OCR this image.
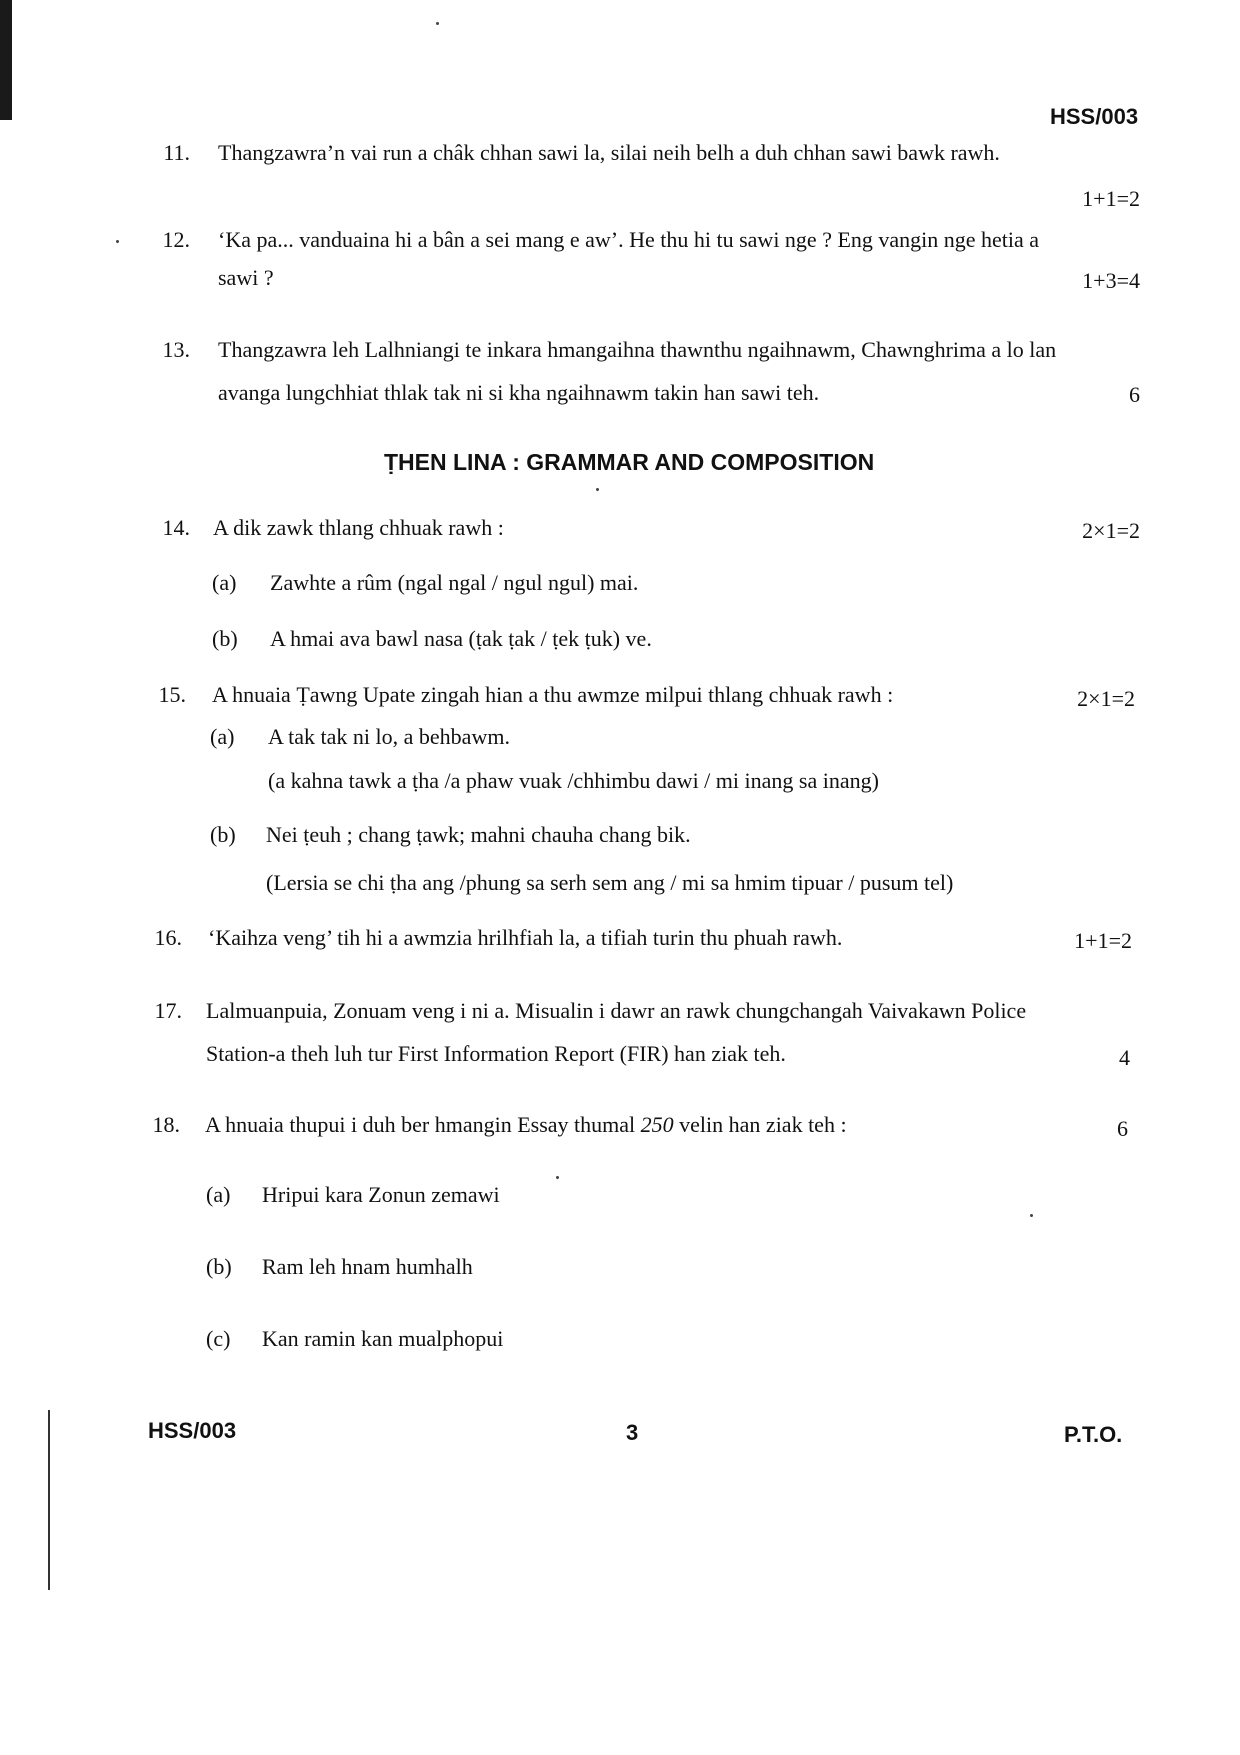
HSS/003
11. Thangzawra’n vai run a châk chhan sawi la, silai neih belh a duh chhan sawi bawk rawh.
1+1=2
12. ‘Ka pa... vanduaina hi a bân a sei mang e aw’. He thu hi tu sawi nge ? Eng vangin nge hetia a
sawi ?	1+3=4
13. Thangzawra leh Lalhniangi te inkara hmangaihna thawnthu ngaihnawm, Chawnghrima a lo lan
avanga lungchhiat thlak tak ni si kha ngaihnawm takin han sawi teh.	6
ṬHEN LINA : GRAMMAR AND COMPOSITION
14. A dik zawk thlang chhuak rawh :	2×1=2
(a) Zawhte a rûm (ngal ngal / ngul ngul) mai.
(b) A hmai ava bawl nasa (ṭak ṭak / ṭek ṭuk) ve.
15. A hnuaia Ṭawng Upate zingah hian a thu awmze milpui thlang chhuak rawh :	2×1=2
(a) A tak tak ni lo, a behbawm.
(a kahna tawk a ṭha /a phaw vuak /chhimbu dawi / mi inang sa inang)
(b) Nei ṭeuh ; chang ṭawk; mahni chauha chang bik.
(Lersia se chi ṭha ang /phung sa serh sem ang / mi sa hmim tipuar / pusum tel)
16. ‘Kaihza veng’ tih hi a awmzia hrilhfiah la, a tifiah turin thu phuah rawh.	1+1=2
17. Lalmuanpuia, Zonuam veng i ni a. Misualin i dawr an rawk chungchangah Vaivakawn Police
Station-a theh luh tur First Information Report (FIR) han ziak teh.	4
18. A hnuaia thupui i duh ber hmangin Essay thumal 250 velin han ziak teh :	6
(a) Hripui kara Zonun zemawi
(b) Ram leh hnam humhalh
(c) Kan ramin kan mualphopui
HSS/003	3	P.T.O.
